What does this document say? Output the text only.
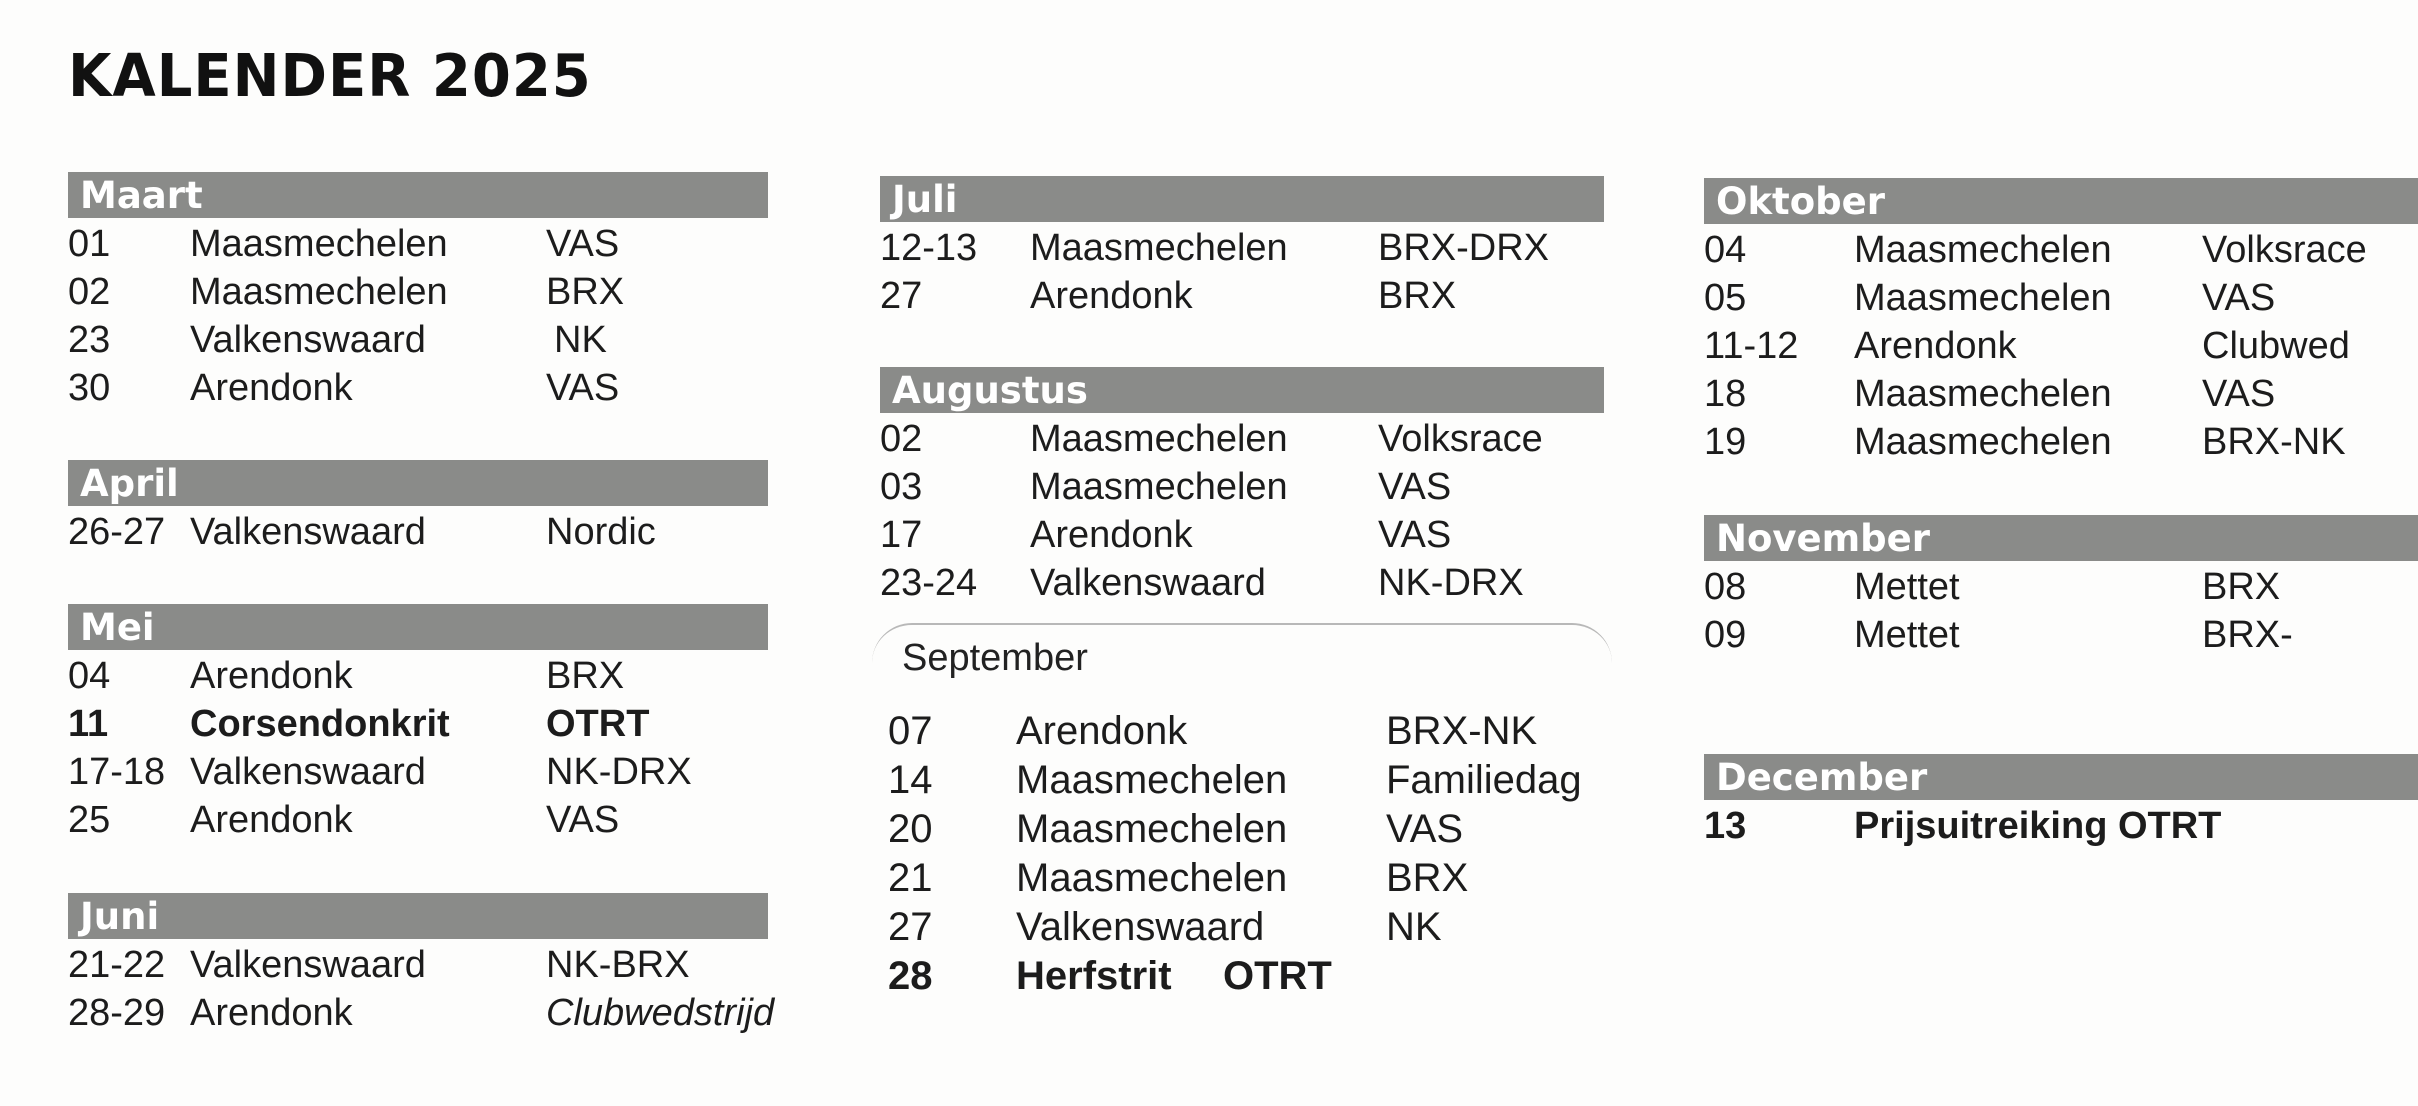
KALENDER 2025
Maart
01 Maasmechelen	VAS
02 Maasmechelen	BRX
23 Valkenswaard	NK
30 Arendonk	VAS
April
26-27 Valkenswaard	Nordic
Mei
04 Arendonk	BRX
11 Corsendonkrit	OTRT
17-18 Valkenswaard	NK-DRX
25 Arendonk	VAS
Juni
21-22 Valkenswaard	NK-BRX
28-29 Arendonk	Clubwedstrijd
Juli
12-13 Maasmechelen BRX-DRX
27	Arendonk	BRX
Augustus
02	Maasmechelen Volksrace
03	Maasmechelen VAS
17	Arendonk	VAS
23-24 Valkenswaard	NK-DRX
September
07 Arendonk	BRX-NK
14 Maasmechelen Familiedag
20 Maasmechelen VAS
21 Maasmechelen BRX
27 Valkenswaard	NK
28 Herfstrit OTRT
Oktober
04	Maasmechelen Volksrace
05	Maasmechelen VAS
11-12 Arendonk	Clubwed
18	Maasmechelen VAS
19	Maasmechelen BRX-NK
November
08	Mettet	BRX
09	Mettet	BRX-
December
13	Prijsuitreiking OTRT
